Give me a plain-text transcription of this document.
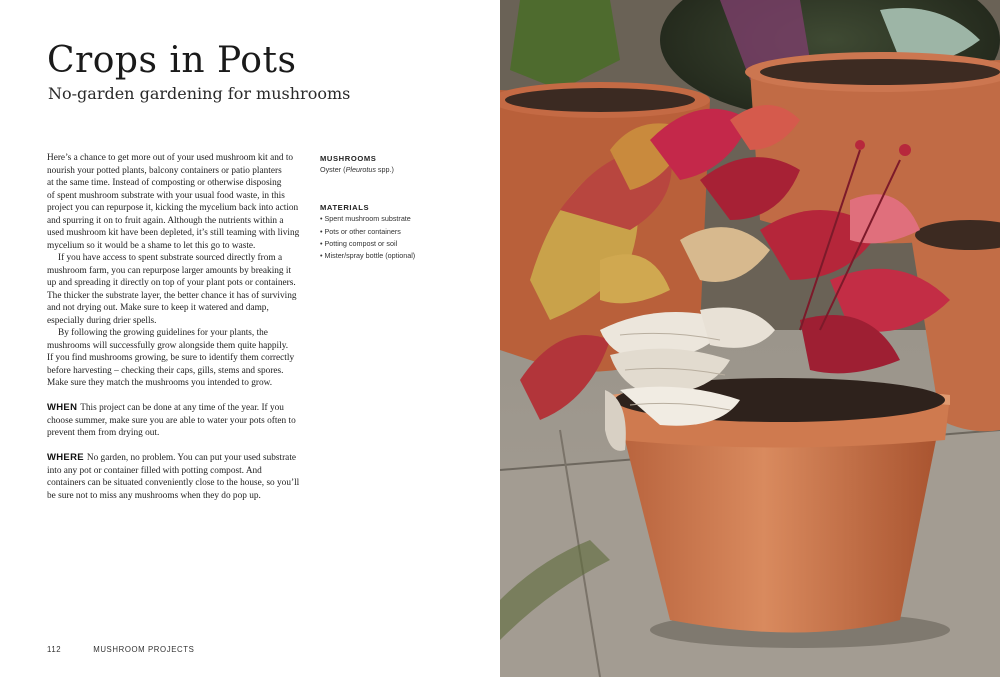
Crops in Pots
No-garden gardening for mushrooms
Here’s a chance to get more out of your used mushroom kit and to
nourish your potted plants, balcony containers or patio planters
at the same time. Instead of composting or otherwise disposing
of spent mushroom substrate with your usual food waste, in this
project you can repurpose it, kicking the mycelium back into action
and spurring it on to fruit again. Although the nutrients within a
used mushroom kit have been depleted, it’s still teaming with living
mycelium so it would be a shame to let this go to waste.
If you have access to spent substrate sourced directly from a
mushroom farm, you can repurpose larger amounts by breaking it
up and spreading it directly on top of your plant pots or containers.
The thicker the substrate layer, the better chance it has of surviving
and not drying out. Make sure to keep it watered and damp,
especially during drier spells.
By following the growing guidelines for your plants, the
mushrooms will successfully grow alongside them quite happily.
If you find mushrooms growing, be sure to identify them correctly
before harvesting – checking their caps, gills, stems and spores.
Make sure they match the mushrooms you intended to grow.
WHEN This project can be done at any time of the year. If you
choose summer, make sure you are able to water your pots often to
prevent them from drying out.
WHERE No garden, no problem. You can put your used substrate
into any pot or container filled with potting compost. And
containers can be situated conveniently close to the house, so you’ll
be sure not to miss any mushrooms when they do pop up.

MUSHROOMS

Oyster (Pleurotus spp.)

MATERIALS

• Spent mushroom substrate
• Pots or other containers
• Potting compost or soil
• Mister/spray bottle (optional)
112	MUSHROOM PROJECTS
